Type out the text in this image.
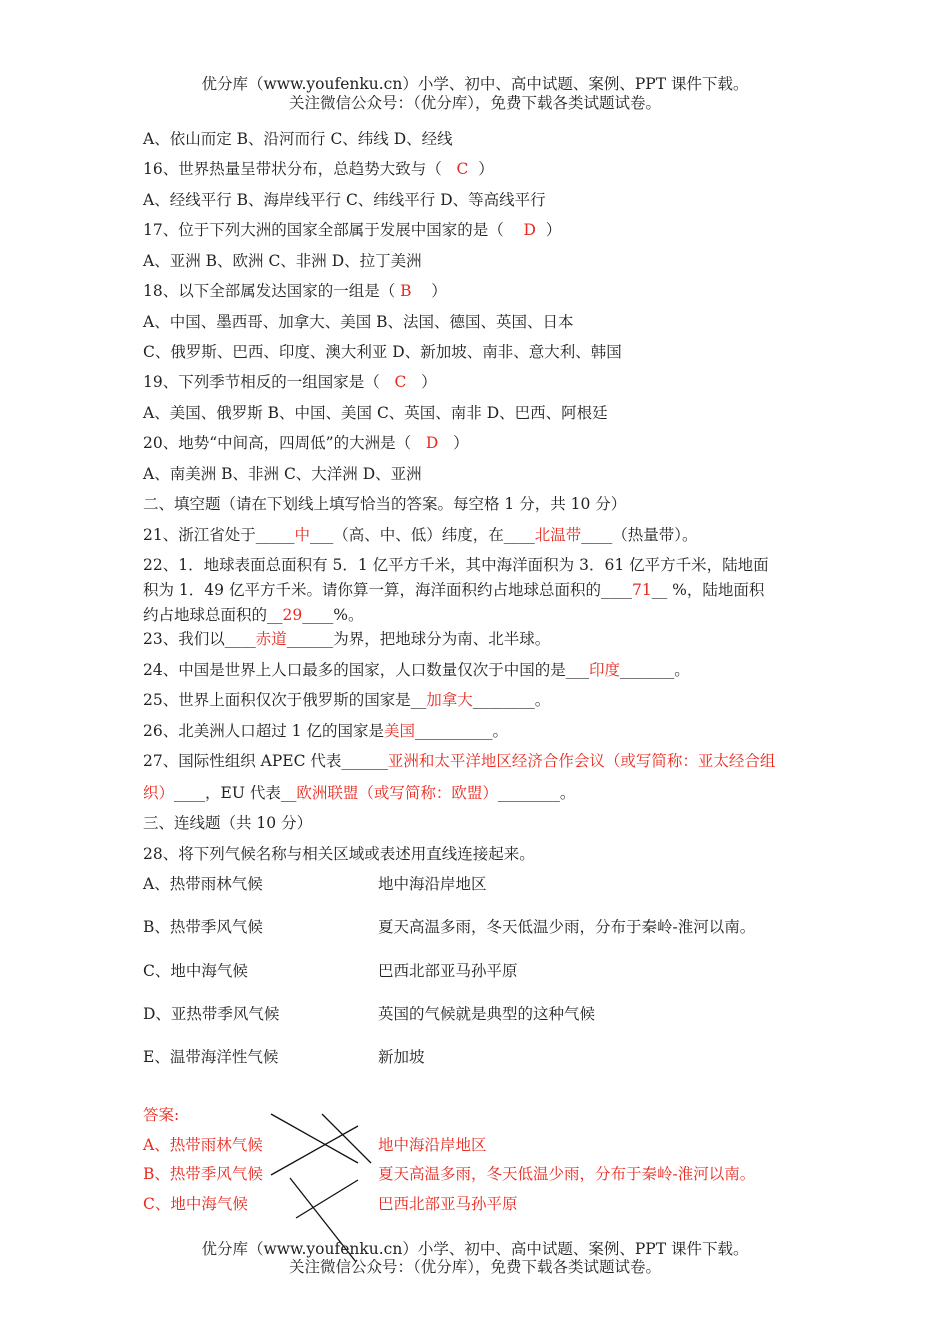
优分库（www.youfenku.cn）小学、初中、高中试题、案例、PPT 课件下载。
关注微信公众号：（优分库），免费下载各类试题试卷。
A、依山而定 B、沿河而行 C、纬线 D、经线
16、世界热量呈带状分布，总趋势大致与（ C ）
A、经线平行 B、海岸线平行 C、纬线平行 D、等高线平行
17、位于下列大洲的国家全部属于发展中国家的是（ D ）
A、亚洲 B、欧洲 C、非洲 D、拉丁美洲
18、以下全部属发达国家的一组是（ B ）
A、中国、墨西哥、加拿大、美国 B、法国、德国、英国、日本
C、俄罗斯、巴西、印度、澳大利亚 D、新加坡、南非、意大利、韩国
19、下列季节相反的一组国家是（ C ）
A、美国、俄罗斯 B、中国、美国 C、英国、南非 D、巴西、阿根廷
20、地势“中间高，四周低”的大洲是（ D ）
A、南美洲 B、非洲 C、大洋洲 D、亚洲
二、填空题（请在下划线上填写恰当的答案。每空格 1 分，共 10 分）
21、浙江省处于_____中___（高、中、低）纬度，在____北温带____（热量带）。
22、1．地球表面总面积有 5．1 亿平方千米，其中海洋面积为 3．61 亿平方千米，陆地面
积为 1．49 亿平方千米。请你算一算，海洋面积约占地球总面积的____71__ %，陆地面积
约占地球总面积的__29____%。
23、我们以____赤道______为界，把地球分为南、北半球。
24、中国是世界上人口最多的国家，人口数量仅次于中国的是___印度_______。
25、世界上面积仅次于俄罗斯的国家是__加拿大________。
26、北美洲人口超过 1 亿的国家是美国__________。
27、国际性组织 APEC 代表______亚洲和太平洋地区经济合作会议（或写简称：亚太经合组
织）____，EU 代表__欧洲联盟（或写简称：欧盟）________。
三、连线题（共 10 分）
28、将下列气候名称与相关区域或表述用直线连接起来。
A、热带雨林气候	地中海沿岸地区
B、热带季风气候	夏天高温多雨，冬天低温少雨，分布于秦岭-淮河以南。
C、地中海气候	巴西北部亚马孙平原
D、亚热带季风气候	英国的气候就是典型的这种气候
E、温带海洋性气候	新加坡
答案:
A、热带雨林气候	地中海沿岸地区
B、热带季风气候	夏天高温多雨，冬天低温少雨，分布于秦岭-淮河以南。
C、地中海气候	巴西北部亚马孙平原
优分库（www.youfenku.cn）小学、初中、高中试题、案例、PPT 课件下载。
关注微信公众号：（优分库），免费下载各类试题试卷。
